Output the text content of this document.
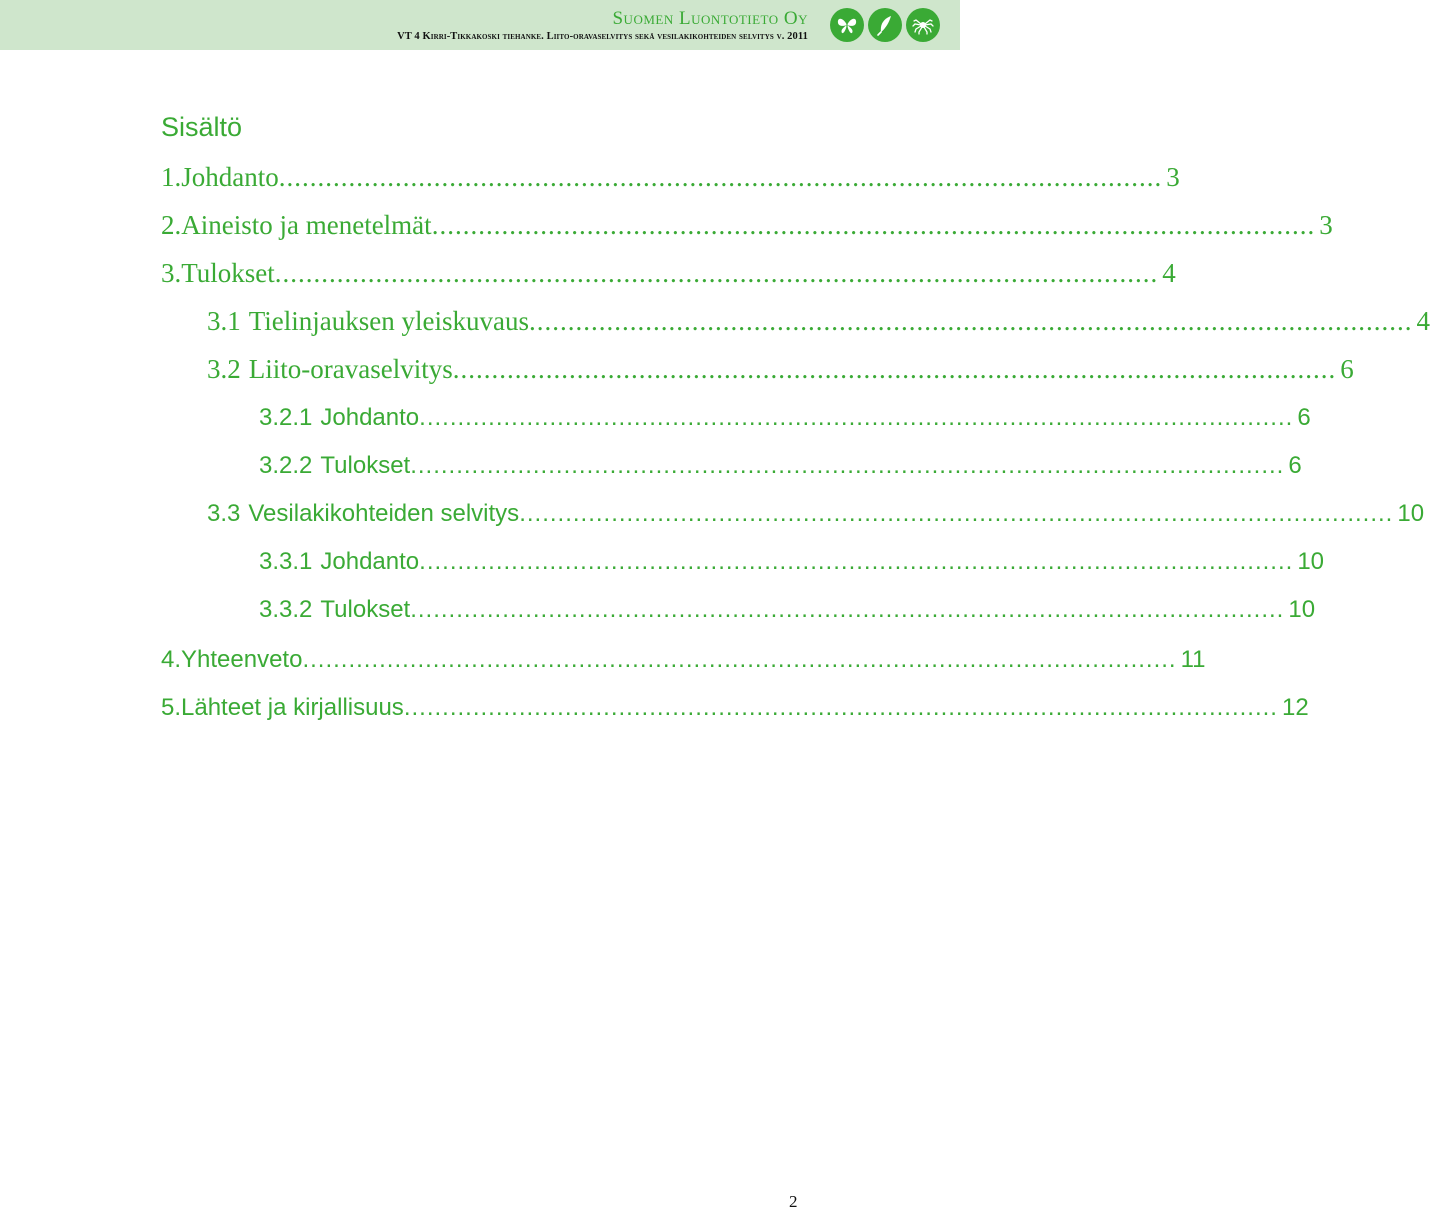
Suomen Luontotieto Oy
VT 4 Kirri-Tikkakoski tiehanke. Liito-oravaselvitys sekä vesilakikohteiden selvitys v. 2011
Sisältö
1. Johdanto .................................................................................................................. 3
2. Aineisto ja menetelmät .................................................................................................................. 3
3. Tulokset .................................................................................................................. 4
3.1 Tielinjauksen yleiskuvaus .................................................................................................................. 4
3.2 Liito-oravaselvitys .................................................................................................................. 6
3.2.1 Johdanto .................................................................................................................. 6
3.2.2 Tulokset .................................................................................................................. 6
3.3 Vesilakikohteiden selvitys .................................................................................................................. 10
3.3.1 Johdanto .................................................................................................................. 10
3.3.2 Tulokset .................................................................................................................. 10
4. Yhteenveto .................................................................................................................. 11
5. Lähteet ja kirjallisuus .................................................................................................................. 12
2
